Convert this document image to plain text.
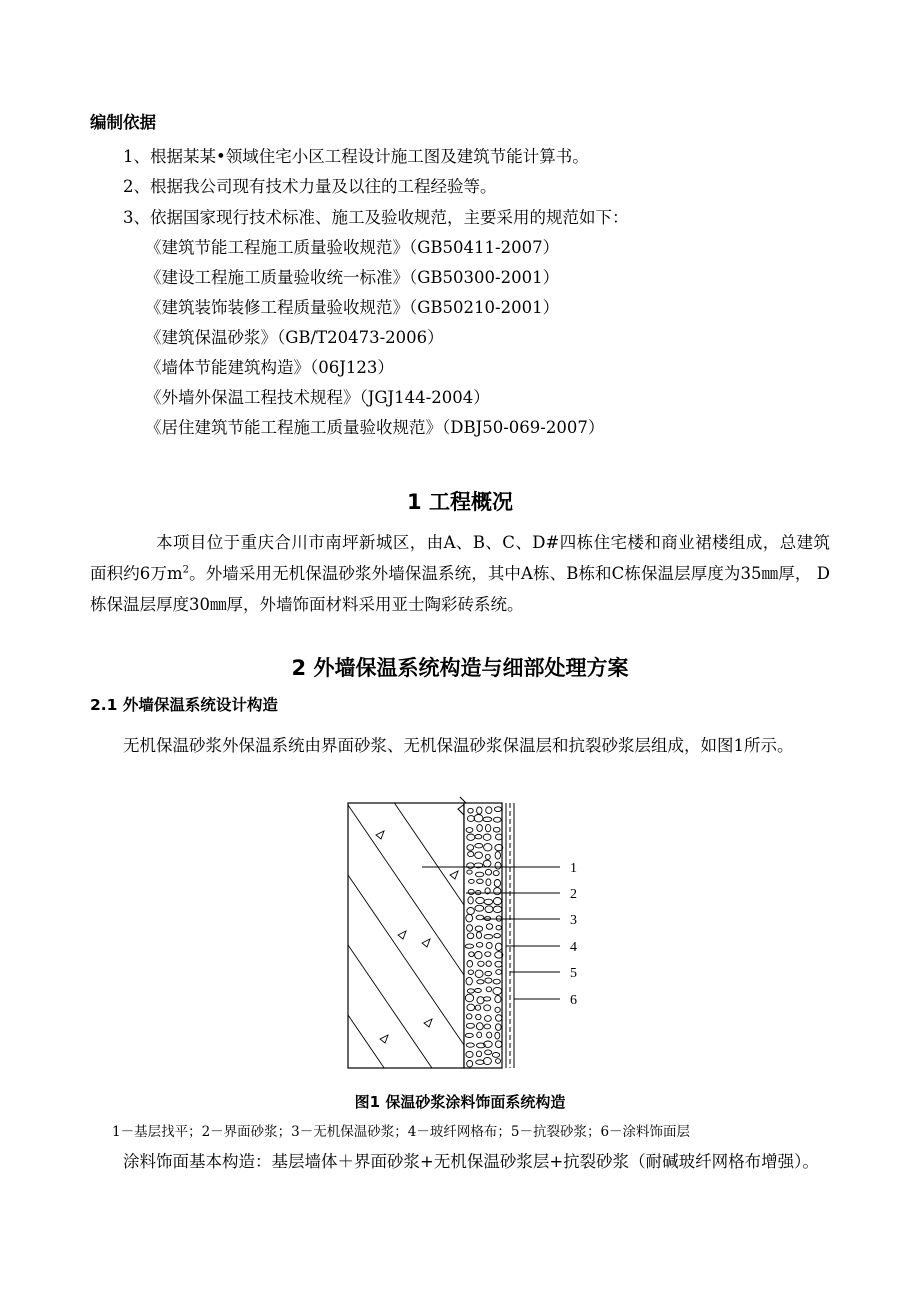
编制依据
1、根据某某•领域住宅小区工程设计施工图及建筑节能计算书。
2、根据我公司现有技术力量及以往的工程经验等。
3、依据国家现行技术标准、施工及验收规范，主要采用的规范如下：
《建筑节能工程施工质量验收规范》（GB50411-2007）
《建设工程施工质量验收统一标准》（GB50300-2001）
《建筑装饰装修工程质量验收规范》（GB50210-2001）
《建筑保温砂浆》（GB/T20473-2006）
《墙体节能建筑构造》（06J123）
《外墙外保温工程技术规程》（JGJ144-2004）
《居住建筑节能工程施工质量验收规范》（DBJ50-069-2007）
1 工程概况
本项目位于重庆合川市南坪新城区，由A、B、C、D#四栋住宅楼和商业裙楼组成，总建筑面积约6万$m^2$。外墙采用无机保温砂浆外墙保温系统，其中A栋、B栋和C栋保温层厚度为35㎜厚， D栋保温层厚度30㎜厚，外墙饰面材料采用亚士陶彩砖系统。
2 外墙保温系统构造与细部处理方案
2.1 外墙保温系统设计构造
无机保温砂浆外保温系统由界面砂浆、无机保温砂浆保温层和抗裂砂浆层组成，如图1所示。
1
2
3
4
5
6
图1 保温砂浆涂料饰面系统构造
1－基层找平；2－界面砂浆；3－无机保温砂浆；4－玻纤网格布；5－抗裂砂浆；6－涂料饰面层
涂料饰面基本构造：基层墙体＋界面砂浆+无机保温砂浆层+抗裂砂浆（耐碱玻纤网格布增强）。
